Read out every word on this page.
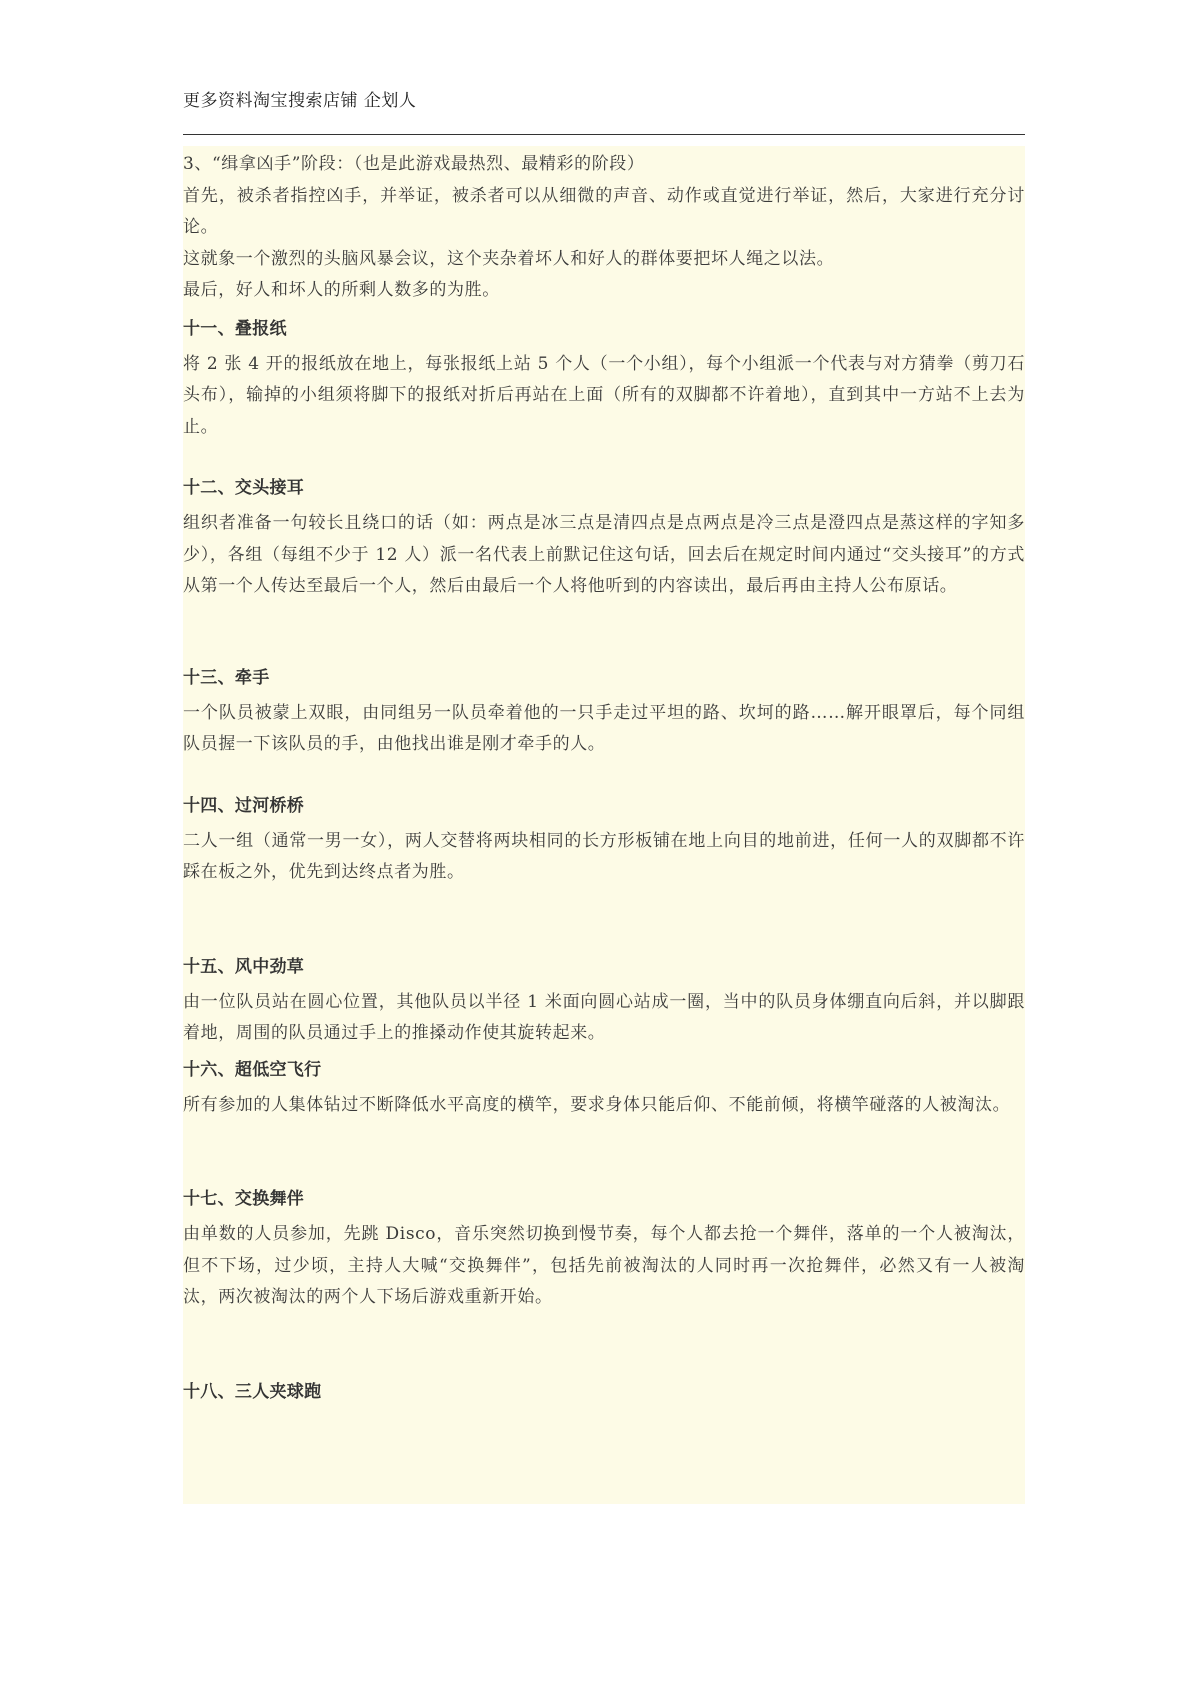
更多资料淘宝搜索店铺 企划人
3、“缉拿凶手”阶段：（也是此游戏最热烈、最精彩的阶段）
首先，被杀者指控凶手，并举证，被杀者可以从细微的声音、动作或直觉进行举证，然后，大家进行充分讨论。
这就象一个激烈的头脑风暴会议，这个夹杂着坏人和好人的群体要把坏人绳之以法。
最后，好人和坏人的所剩人数多的为胜。
十一、叠报纸
将 2 张 4 开的报纸放在地上，每张报纸上站 5 个人（一个小组），每个小组派一个代表与对方猜拳（剪刀石头布），输掉的小组须将脚下的报纸对折后再站在上面（所有的双脚都不许着地），直到其中一方站不上去为止。
十二、交头接耳
组织者准备一句较长且绕口的话（如：两点是冰三点是清四点是点两点是冷三点是澄四点是蒸这样的字知多少），各组（每组不少于 12 人）派一名代表上前默记住这句话，回去后在规定时间内通过“交头接耳”的方式从第一个人传达至最后一个人，然后由最后一个人将他听到的内容读出，最后再由主持人公布原话。
十三、牵手
一个队员被蒙上双眼，由同组另一队员牵着他的一只手走过平坦的路、坎坷的路……解开眼罩后，每个同组队员握一下该队员的手，由他找出谁是刚才牵手的人。
十四、过河桥桥
二人一组（通常一男一女），两人交替将两块相同的长方形板铺在地上向目的地前进，任何一人的双脚都不许踩在板之外，优先到达终点者为胜。
十五、风中劲草
由一位队员站在圆心位置，其他队员以半径 1 米面向圆心站成一圈，当中的队员身体绷直向后斜，并以脚跟着地，周围的队员通过手上的推搡动作使其旋转起来。
十六、超低空飞行
所有参加的人集体钻过不断降低水平高度的横竿，要求身体只能后仰、不能前倾，将横竿碰落的人被淘汰。
十七、交换舞伴
由单数的人员参加，先跳 Disco，音乐突然切换到慢节奏，每个人都去抢一个舞伴，落单的一个人被淘汰，但不下场，过少顷，主持人大喊“交换舞伴”，包括先前被淘汰的人同时再一次抢舞伴，必然又有一人被淘汰，两次被淘汰的两个人下场后游戏重新开始。
十八、三人夹球跑
